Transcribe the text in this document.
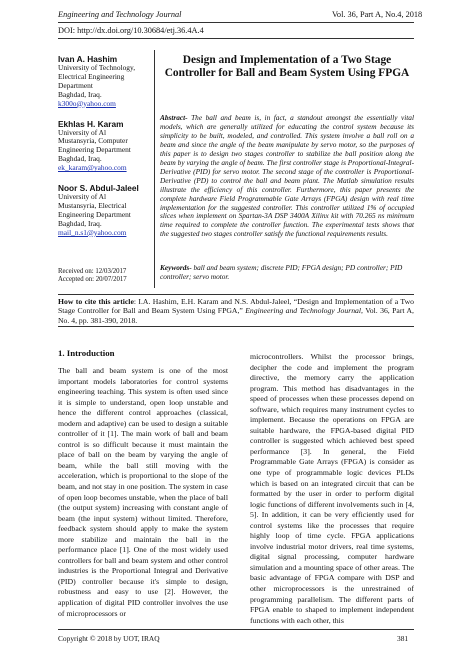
Engineering and Technology Journal	Vol. 36, Part A, No.4, 2018
DOI: http://dx.doi.org/10.30684/etj.36.4A.4
Ivan A. Hashim
University of Technology,
Electrical Engineering
Department
Baghdad, Iraq.
k300o@yahoo.com
Ekhlas H. Karam
University of Al
Mustansyria, Computer
Engineering Department
Baghdad, Iraq.
ek_karam@yahoo.com
Noor S. Abdul-Jaleel
University of Al
Mustansyria, Electrical
Engineering Department
Baghdad, Iraq.
mail_n.s1@yahoo.com
Received on: 12/03/2017
Accepted on: 20/07/2017
Design and Implementation of a Two Stage Controller for Ball and Beam System Using FPGA
Abstract- The ball and beam is, in fact, a standout amongst the essentially vital models, which are generally utilized for educating the control system because its simplicity to be built, modeled, and controlled. This system involve a ball roll on a beam and since the angle of the beam manipulate by servo motor, so the purposes of this paper is to design two stages controller to stabilize the ball position along the beam by varying the angle of beam. The first controller stage is Proportional-Integral- Derivative (PID) for servo motor. The second stage of the controller is Proportional-Derivative (PD) to control the ball and beam plant. The Matlab simulation results illustrate the efficiency of this controller. Furthermore, this paper presents the complete hardware Field Programmable Gate Arrays (FPGA) design with real time implementation for the suggested controller. This controller utilized 1% of occupied slices when implement on Spartan-3A DSP 3400A Xilinx kit with 70.265 ns minimum time required to complete the controller function. The experimental tests shows that the suggested two stages controller satisfy the functional requirements results.
Keywords- ball and beam system; discrete PID; FPGA design; PD controller; PID controller; servo motor.
How to cite this article: I.A. Hashim, E.H. Karam and N.S. Abdul-Jaleel, “Design and Implementation of a Two Stage Controller for Ball and Beam System Using FPGA,” Engineering and Technology Journal, Vol. 36, Part A, No. 4, pp. 381-390, 2018.
1. Introduction
The ball and beam system is one of the most important models laboratories for control systems engineering teaching. This system is often used since it is simple to understand, open loop unstable and hence the different control approaches (classical, modern and adaptive) can be used to design a suitable controller of it [1]. The main work of ball and beam control is so difficult because it must maintain the place of ball on the beam by varying the angle of beam, while the ball still moving with the acceleration, which is proportional to the slope of the beam, and not stay in one position. The system in case of open loop becomes unstable, when the place of ball (the output system) increasing with constant angle of beam (the input system) without limited. Therefore, feedback system should apply to make the system more stabilize and maintain the ball in the performance place [1]. One of the most widely used controllers for ball and beam system and other control industries is the Proportional Integral and Derivative (PID) controller because it's simple to design, robustness and easy to use [2]. However, the application of digital PID controller involves the use of microprocessors or
microcontrollers. Whilst the processor brings, decipher the code and implement the program directive, the memory carry the application program. This method has disadvantages in the speed of processes when these processes depend on software, which requires many instrument cycles to implement. Because the operations on FPGA are suitable hardware, the FPGA-based digital PID controller is suggested which achieved best speed performance [3]. In general, the Field Programmable Gate Arrays (FPGA) is consider as one type of programmable logic devices PLDs which is based on an integrated circuit that can be formatted by the user in order to perform digital logic functions of different involvements such in [4, 5]. In addition, it can be very efficiently used for control systems like the processes that require highly loop of time cycle. FPGA applications involve industrial motor drivers, real time systems, digital signal processing, computer hardware simulation and a mounting space of other areas. The basic advantage of FPGA compare with DSP and other microprocessors is the unrestrained of programming parallelism. The different parts of FPGA enable to shaped to implement independent functions with each other, this
Copyright © 2018 by UOT, IRAQ	381
